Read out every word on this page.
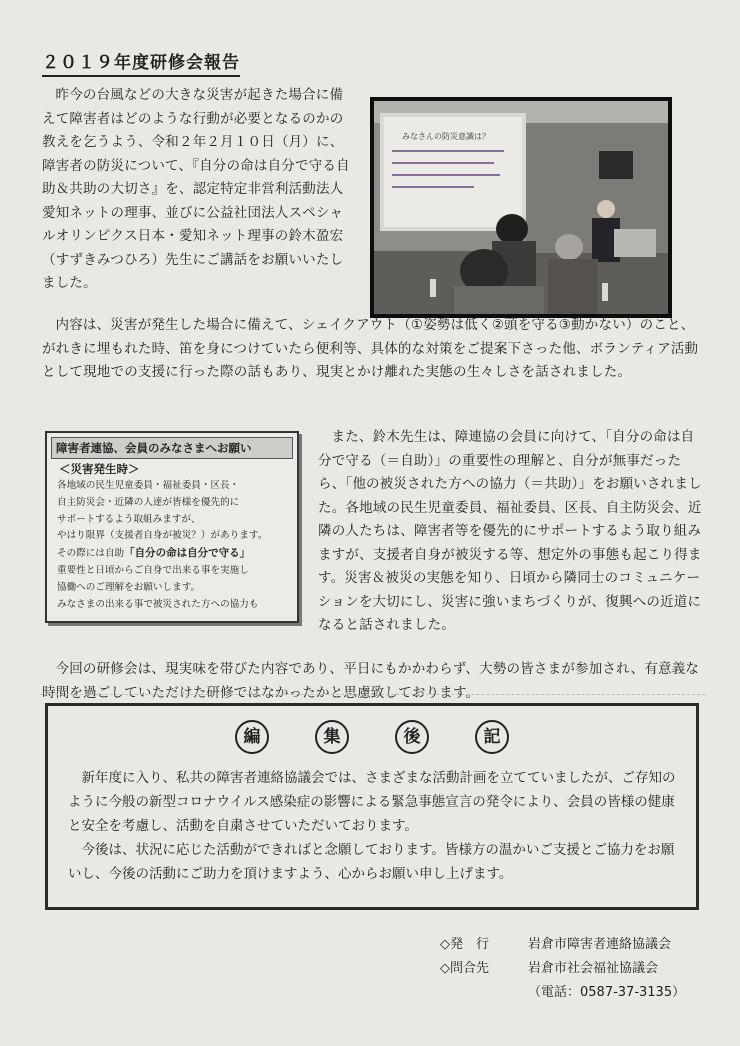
２０１９年度研修会報告

昨今の台風などの大きな災害が起きた場合に備えて障害者はどのような行動が必要となるのかの教えを乞うよう、令和２年２月１０日（月）に、障害者の防災について、『自分の命は自分で守る自助＆共助の大切さ』を、認定特定非営利活動法人愛知ネットの理事、並びに公益社団法人スペシャルオリンピクス日本・愛知ネット理事の鈴木盈宏（すずきみつひろ）先生にご講話をお願いいたしました。

みなさんの防災意識は？

内容は、災害が発生した場合に備えて、シェイクアウト（①姿勢は低く②頭を守る③動かない）のこと、がれきに埋もれた時、笛を身につけていたら便利等、具体的な対策をご提案下さった他、ボランティア活動として現地での支援に行った際の話もあり、現実とかけ離れた実態の生々しさを話されました。

障害者連協、会員のみなさまへお願い
＜災害発生時＞
各地域の民生児童委員・福祉委員・区長・
自主防災会・近隣の人達が皆様を優先的に
サポートするよう取組みますが、
やはり限界（支援者自身が被災？）があります。
その際には自助「自分の命は自分で守る」
重要性と日頃からご自身で出来る事を実施し
協働へのご理解をお願いします。
みなさまの出来る事で被災された方への協力も

また、鈴木先生は、障連協の会員に向けて、「自分の命は自分で守る（＝自助）」の重要性の理解と、自分が無事だったら、「他の被災された方への協力（＝共助）」をお願いされました。各地域の民生児童委員、福祉委員、区長、自主防災会、近隣の人たちは、障害者等を優先的にサポートするよう取り組みますが、支援者自身が被災する等、想定外の事態も起こり得ます。災害＆被災の実態を知り、日頃から隣同士のコミュニケーションを大切にし、災害に強いまちづくりが、復興への近道になると話されました。

今回の研修会は、現実味を帯びた内容であり、平日にもかかわらず、大勢の皆さまが参加され、有意義な時間を過ごしていただけた研修ではなかったかと思慮致しております。

編	集	後	記

新年度に入り、私共の障害者連絡協議会では、さまざまな活動計画を立てていましたが、ご存知のように今般の新型コロナウイルス感染症の影響による緊急事態宣言の発令により、会員の皆様の健康と安全を考慮し、活動を自粛させていただいております。

今後は、状況に応じた活動ができればと念願しております。皆様方の温かいご支援とご協力をお願いし、今後の活動にご助力を頂けますよう、心からお願い申し上げます。

◇発　行	岩倉市障害者連絡協議会
◇問合先	岩倉市社会福祉協議会
（電話：0587-37-3135）
